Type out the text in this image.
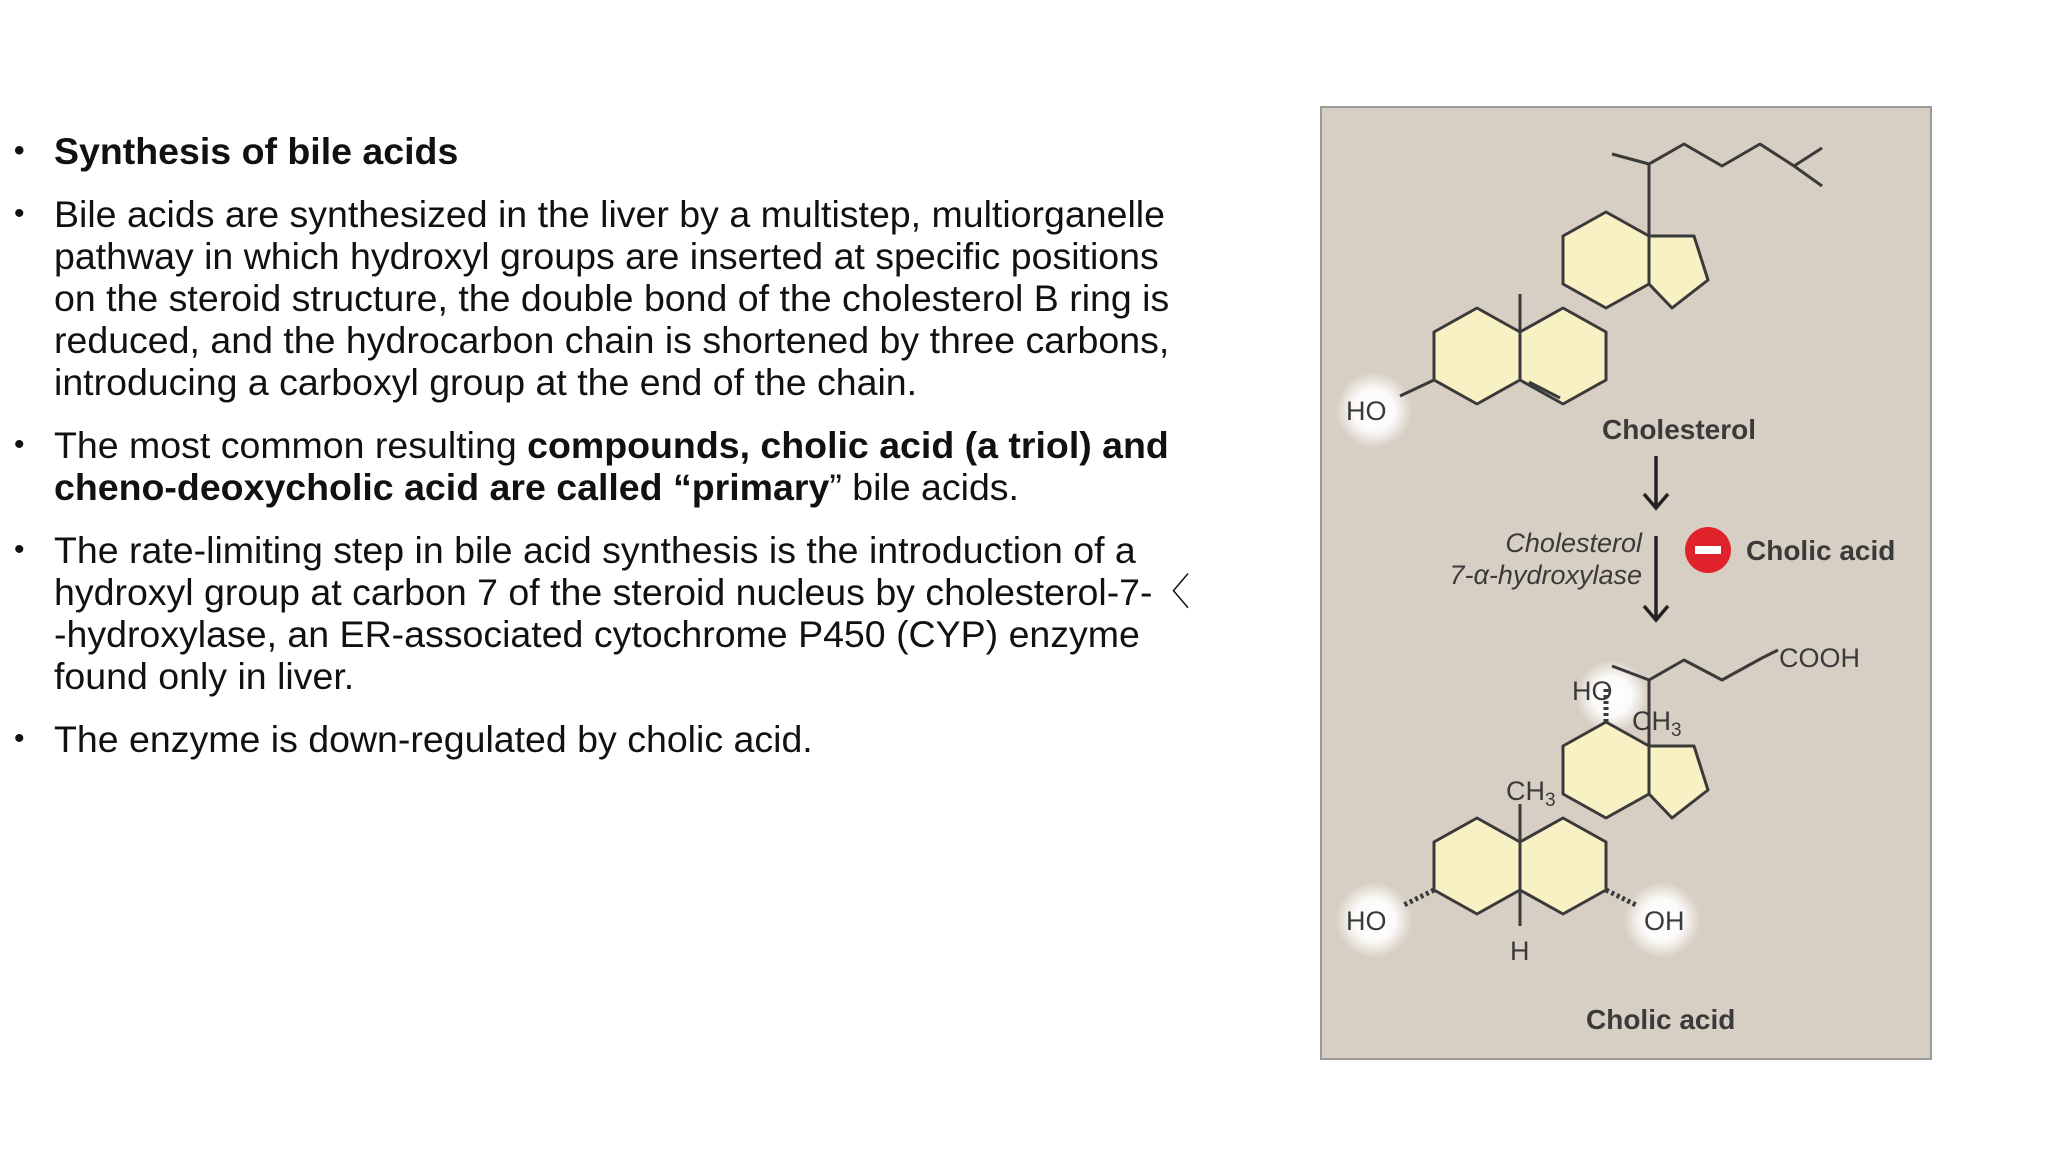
• Synthesis of bile acids
• Bile acids are synthesized in the liver by a multistep, multiorganelle pathway in which hydroxyl groups are inserted at specific positions on the steroid structure, the double bond of the cholesterol B ring is reduced, and the hydrocarbon chain is shortened by three carbons, introducing a carboxyl group at the end of the chain.
• The most common resulting compounds, cholic acid (a triol) and cheno-deoxycholic acid are called “primary” bile acids.
• The rate-limiting step in bile acid synthesis is the introduction of a hydroxyl group at carbon 7 of the steroid nucleus by cholesterol-7-〈 -hydroxylase, an ER-associated cytochrome P450 (CYP) enzyme found only in liver.
• The enzyme is down-regulated by cholic acid.
HO
Cholesterol
Cholesterol
7-α-hydroxylase
Cholic acid
COOH
HO
$CH_3$
$CH_3$
HO	OH
H
Cholic acid
